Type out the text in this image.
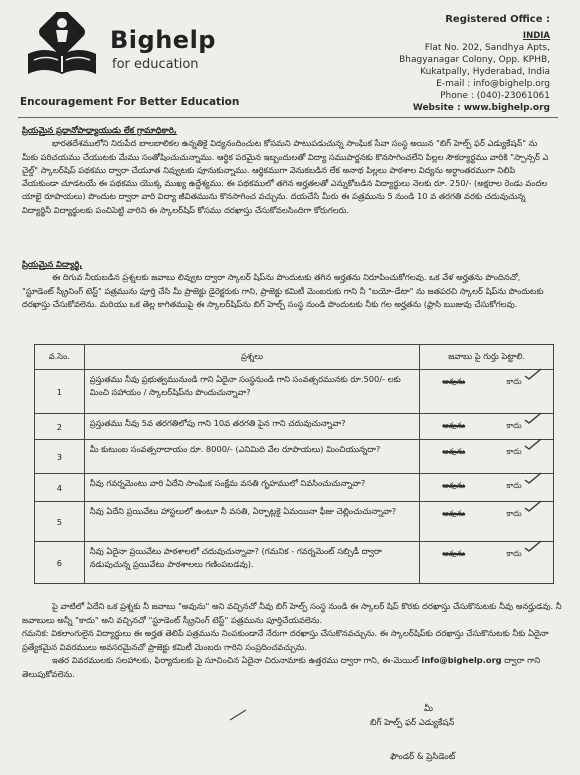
Bighelp
for education
Encouragement For Better Education
Registered Office :
INDIA
Flat No. 202, Sandhya Apts,
Bhagyanagar Colony, Opp. KPHB,
Kukatpally, Hyderabad, India
E-mail : info@bighelp.org
Phone : (040)-23061061
Website : www.bighelp.org

ప్రియమైన ప్రధానోపాధ్యాయుడు లేక గ్రామాధికారి,

భారతదేశములోని నిరుపేద బాలబాలికల ఉన్నతికై విద్యనందించుట కోసమని పాటుపడుచున్న సాంఘిక సేవా సంస్థ అయిన "బిగ్ హెల్ప్ ఫర్ ఎడ్యుకేషన్" ను మీకు పరిచయము చేయుటకు మేము సంతోషించుచున్నాము. ఆర్థిక పరమైన ఇబ్బందులతో విద్యా సముపార్జనకు కొనసాగించలేని పిల్లల సౌకర్యార్థము వారికి "స్పాన్సర్ ఎ చైల్డ్" స్కాలర్‌షిప్ పథకము ద్వారా చేయూత నివ్వుటకు పూనుకున్నాము. ఆర్థికముగా వెనుకబడిన లేక అనాథ పిల్లలు పాఠశాల విద్యను అర్ధాంతరముగా నిలిపి వేయకుండా చూడటయే ఈ పథకము యొక్క ముఖ్య ఉద్దేశ్యము. ఈ పథకములో తగిన అర్హతలతో ఎన్నుకోబడిన విద్యార్థులు నెలకు రూ. 250/- (అక్షరాల రెండు వందల యాభై రూపాయలు) పొందుట ద్వారా వారి విద్యా జీవితమును కొనసాగించ వచ్చును. దయచేసి మీరు ఈ పత్రమును 5 నుండి 10 వ తరగతి వరకు చదువుచున్న విద్యార్థినీ విద్యార్థులకు పంచిపెట్టి వారిని ఈ స్కాలర్‌షిప్ కోసము దరఖాస్తు చేసుకోవలసిందిగా కోరుగలరు.

ప్రియమైన విద్యార్థి,

ఈ దిగువ నీయబడిన ప్రశ్నలకు జవాబు లివ్వుట ద్వారా స్కాలర్ షిప్‌ను పొందుటకు తగిన అర్హతను నిరూపించుకోగలవు. ఒక వేళ అర్హతను పొందినచో, "స్టూడెంట్ స్క్రీనింగ్ టెస్ట్" పత్రమును పూర్తి చేసి మీ ప్రాజెక్టు డైరెక్టరుకు గాని, ప్రాజెక్టు కమిటీ మెంబరుకు గాని నీ "బయో-డేటా" ను జతపరచి స్కాలర్ షిప్‌ను పొందుటకు దరఖాస్తు చేసుకోవలెను. మరియు ఒక తెల్ల కాగితముపై ఈ స్కాలర్‌షిప్‌ను బిగ్ హెల్ప్ సంస్థ నుండి పొందుటకు నీకు గల అర్హతను (ఫ్రాసి ఋజువు చేసుకోగలవు.

వ.సెం.	ప్రశ్నలు	జవాబు పై గుర్తు పెట్టాలి.
1	ప్రస్తుతము నీవు ప్రభుత్వమునుండి గాని ఏదైనా సంస్థనుండి గాని సంవత్సరమునకు రూ.500/- లకు మించి సహాయం / స్కాలర్‌షిప్‌ను పొందుచున్నావా?	అవును కాదు

2	ప్రస్తుతము నీవు 5వ తరగతిలోపు గాని 10వ తరగతి పైన గాని చదువుచున్నావా?	అవును కాదు

3	మీ కుటుంబ సంవత్సరాదాయం రూ. 8000/- (ఎనిమిది వేల రూపాయలు) మించియున్నదా?	అవును కాదు

4	నీవు గవర్నమెంటు వారి ఏదేని సాంఘిక సంక్షేమ వసతి గృహములో నివసించుచున్నావా?	అవును కాదు

5	నీవు ఏదేని ప్రయివేటు హాస్టలులో ఉంటూ నీ వసతి, ఏర్పాట్లకై ఏమయినా ఫీజు చెల్లించుచున్నావా?	అవును కాదు

6	నీవు ఏదైనా ప్రయివేటు పాఠశాలలో చదువుచున్నావా? (గమనిక - గవర్నమెంట్ సబ్సిడీ ద్వారా నడుపుచున్న ప్రయివేటు పాఠశాలలు గణింపబడవు).	అవును కాదు

పై వాటిలో ఏదేని ఒక ప్రశ్నకు నీ జవాబు "అవును" అని వచ్చినచో నీవు బిగ్ హెల్ప్ సంస్థ నుండి ఈ స్కాలర్ షిప్ కొరకు దరఖాస్తు చేసుకొనుటకు నీవు అనర్హుడవు. నీ జవాబులు అన్నీ "కాదు" అని వచ్చినచో "స్టూడెంట్ స్క్రీనింగ్ టెస్ట్" పత్రమును పూర్తిచేయవలెను.

గమనిక: వికలాంగులైన విద్యార్థులు ఈ అర్హత తెలిపే పత్రమును నింపకుండానే నేరుగా దరఖాస్తు చేసుకొనవచ్చును. ఈ స్కాలర్‌షిప్‌కు దరఖాస్తు చేసుకొనుటకు నీకు ఏదైనా ప్రత్యేకమైన వివరములు అవసరమైనచో ప్రాజెక్టు కమిటీ మెంబరు గారిని సంప్రదించవచ్చును.

ఇతర వివరములకు సలహాలకు, ఫిర్యాదులకు పై సూచించిన ఏదైనా చిరునామాకు ఉత్తరము ద్వారా గాని, ఈ-మెయిల్ info@bighelp.org ద్వారా గాని తెలుపుకోవలెను.

మీ
బిగ్ హెల్ప్ ఫర్ ఎడ్యుకేషన్
ఫౌండర్ & ప్రెసిడెంట్
